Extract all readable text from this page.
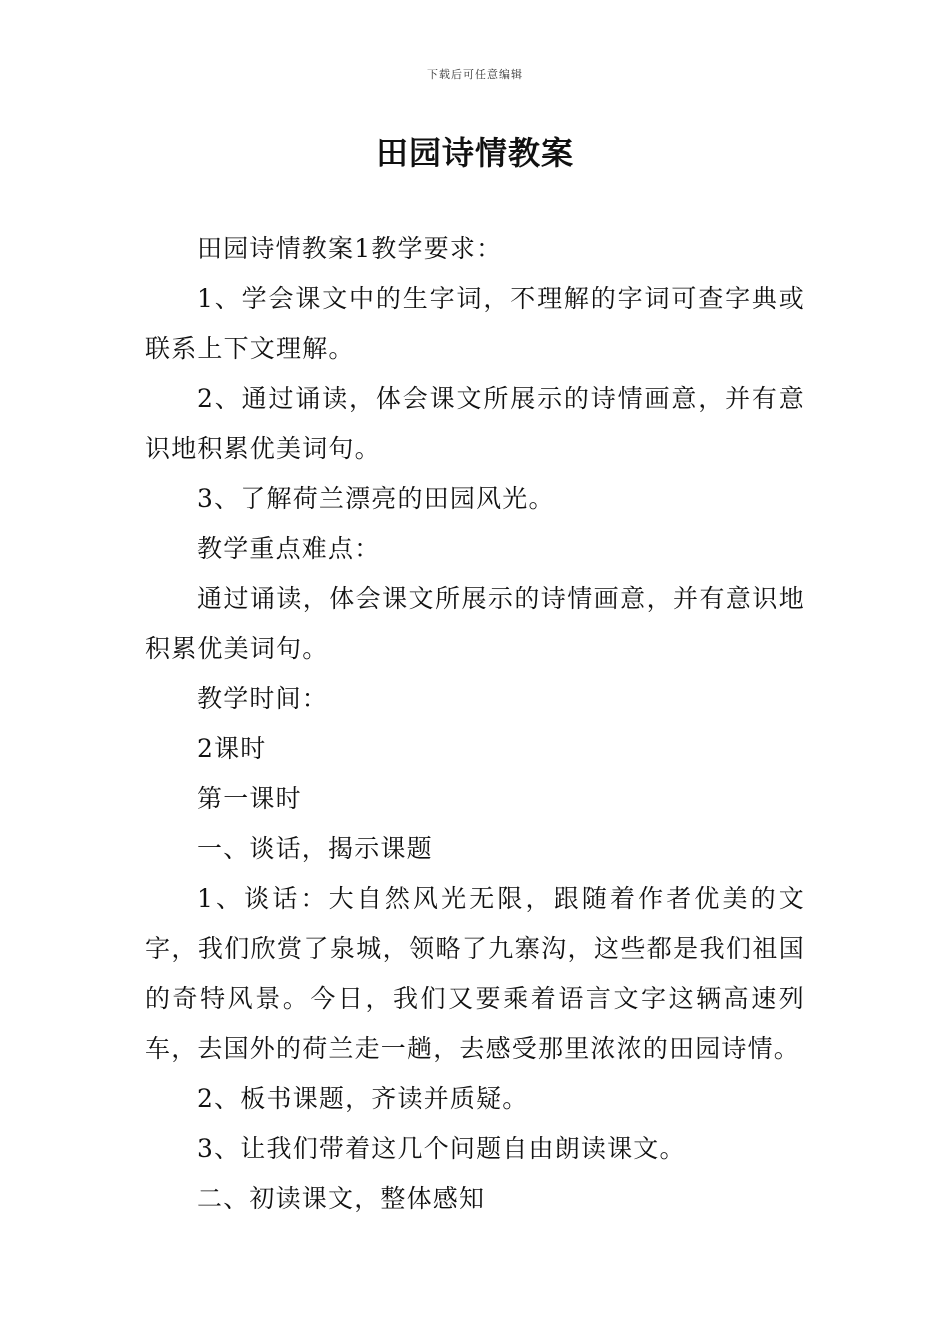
下载后可任意编辑
田园诗情教案

田园诗情教案1教学要求：

1、学会课文中的生字词，不理解的字词可查字典或联系上下文理解。

2、通过诵读，体会课文所展示的诗情画意，并有意识地积累优美词句。

3、了解荷兰漂亮的田园风光。

教学重点难点：

通过诵读，体会课文所展示的诗情画意，并有意识地积累优美词句。

教学时间：

2课时

第一课时

一、谈话，揭示课题

1、谈话：大自然风光无限，跟随着作者优美的文字，我们欣赏了泉城，领略了九寨沟，这些都是我们祖国的奇特风景。今日，我们又要乘着语言文字这辆高速列车，去国外的荷兰走一趟，去感受那里浓浓的田园诗情。

2、板书课题，齐读并质疑。

3、让我们带着这几个问题自由朗读课文。

二、初读课文，整体感知
